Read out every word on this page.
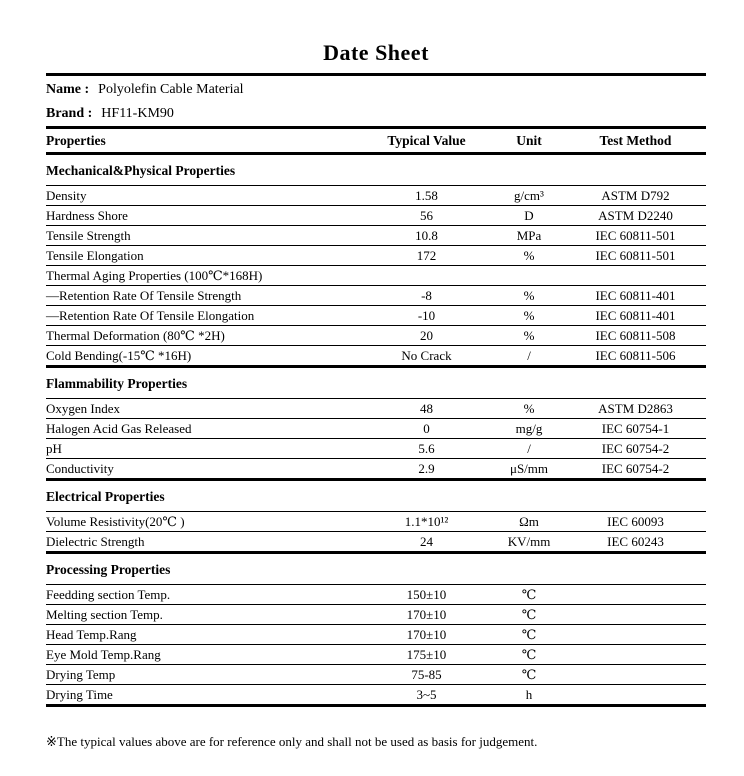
Date Sheet
Name : Polyolefin Cable Material
Brand : HF11-KM90
Properties	Typical Value	Unit	Test Method
Mechanical&Physical Properties
Density	1.58	g/cm³	ASTM D792
Hardness Shore	56	D	ASTM D2240
Tensile Strength	10.8	MPa	IEC 60811-501
Tensile Elongation	172	%	IEC 60811-501
Thermal Aging Properties (100℃*168H)
—Retention Rate Of Tensile Strength	-8	%	IEC 60811-401
—Retention Rate Of Tensile Elongation	-10	%	IEC 60811-401
Thermal Deformation (80℃ *2H)	20	%	IEC 60811-508
Cold Bending(-15℃ *16H)	No Crack	/	IEC 60811-506
Flammability Properties
Oxygen Index	48	%	ASTM D2863
Halogen Acid Gas Released	0	mg/g	IEC 60754-1
pH	5.6	/	IEC 60754-2
Conductivity	2.9	μS/mm	IEC 60754-2
Electrical Properties
Volume Resistivity(20℃ )	1.1*10¹²	Ωm	IEC 60093
Dielectric Strength	24	KV/mm	IEC 60243
Processing Properties
Feedding section Temp.	150±10	℃
Melting section Temp.	170±10	℃
Head Temp.Rang	170±10	℃
Eye Mold Temp.Rang	175±10	℃
Drying Temp	75-85	℃
Drying Time	3~5	h
※The typical values above are for reference only and shall not be used as basis for judgement.
